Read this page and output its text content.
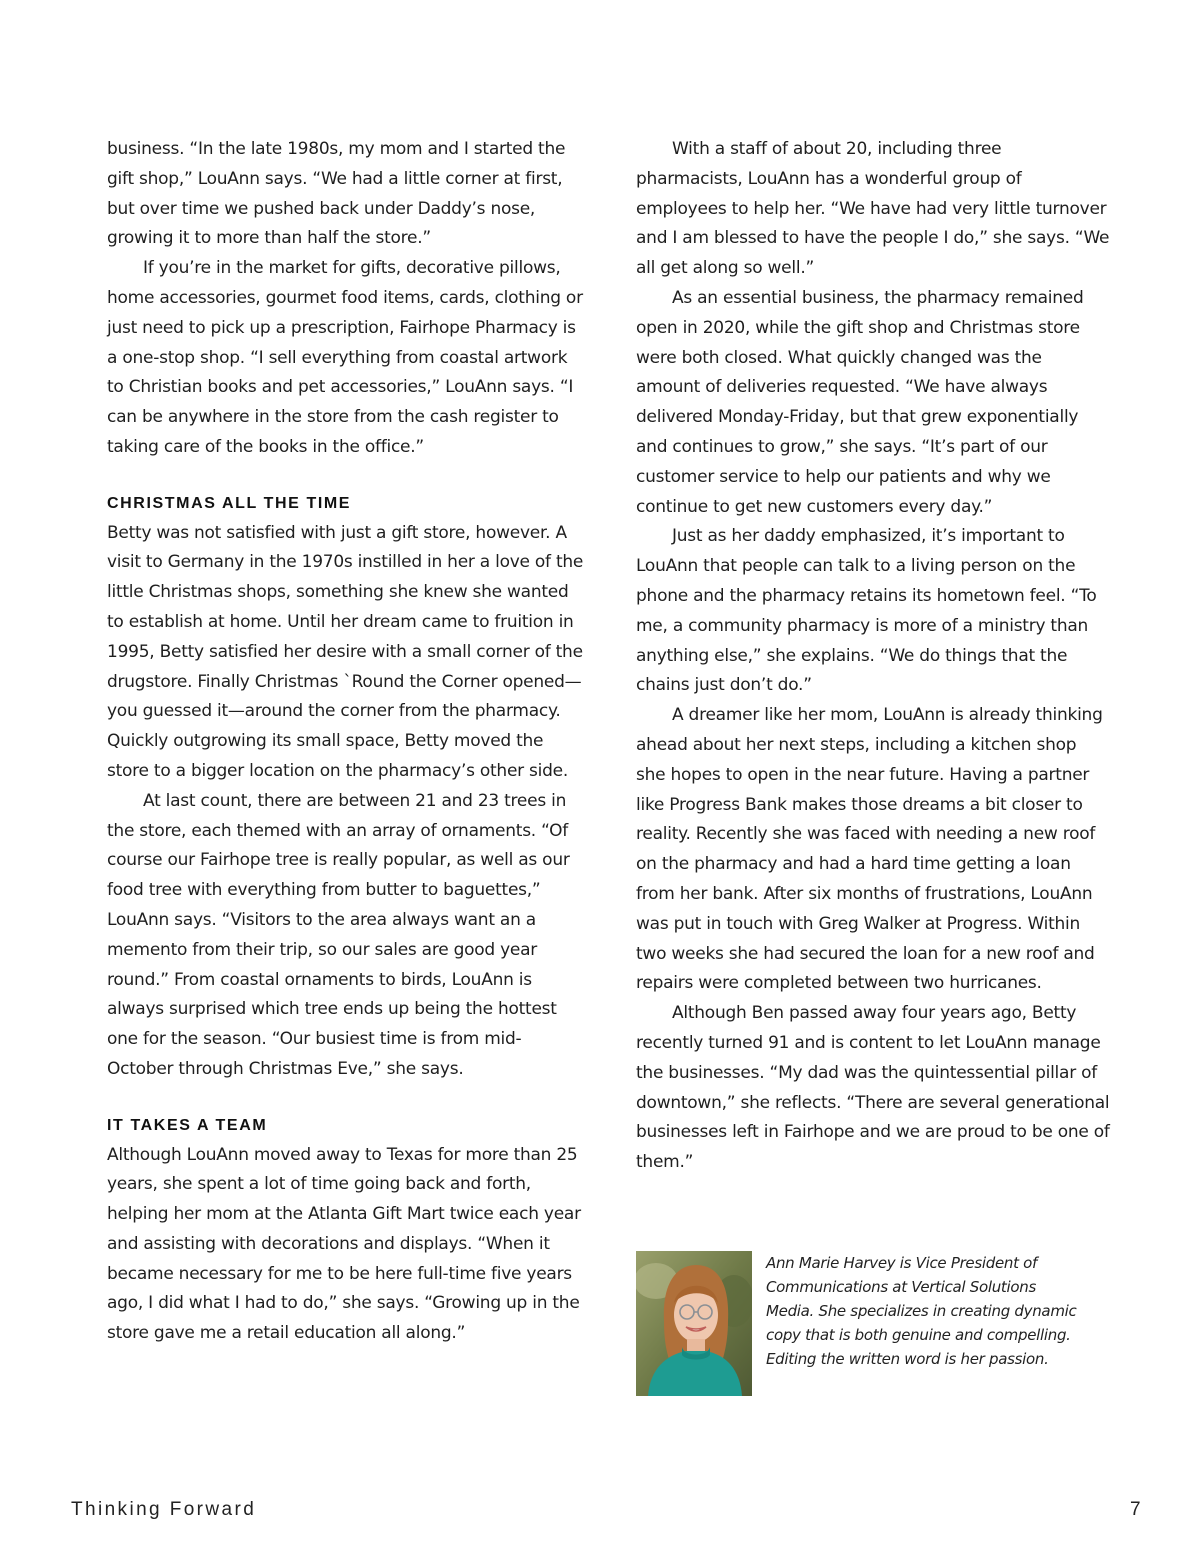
business. “In the late 1980s, my mom and I started the gift shop,” LouAnn says. “We had a little corner at first, but over time we pushed back under Daddy’s nose, growing it to more than half the store.”

If you’re in the market for gifts, decorative pillows, home accessories, gourmet food items, cards, clothing or just need to pick up a prescription, Fairhope Pharmacy is a one-stop shop. “I sell everything from coastal artwork to Christian books and pet accessories,” LouAnn says. “I can be anywhere in the store from the cash register to taking care of the books in the office.”

CHRISTMAS ALL THE TIME

Betty was not satisfied with just a gift store, however. A visit to Germany in the 1970s instilled in her a love of the little Christmas shops, something she knew she wanted to establish at home. Until her dream came to fruition in 1995, Betty satisfied her desire with a small corner of the drugstore. Finally Christmas `Round the Corner opened—you guessed it—around the corner from the pharmacy. Quickly outgrowing its small space, Betty moved the store to a bigger location on the pharmacy’s other side.

At last count, there are between 21 and 23 trees in the store, each themed with an array of ornaments. “Of course our Fairhope tree is really popular, as well as our food tree with everything from butter to baguettes,” LouAnn says. “Visitors to the area always want an a memento from their trip, so our sales are good year round.” From coastal ornaments to birds, LouAnn is always surprised which tree ends up being the hottest one for the season. “Our busiest time is from mid-October through Christmas Eve,” she says.

IT TAKES A TEAM

Although LouAnn moved away to Texas for more than 25 years, she spent a lot of time going back and forth, helping her mom at the Atlanta Gift Mart twice each year and assisting with decorations and displays. “When it became necessary for me to be here full-time five years ago, I did what I had to do,” she says. “Growing up in the store gave me a retail education all along.”

With a staff of about 20, including three pharmacists, LouAnn has a wonderful group of employees to help her. “We have had very little turnover and I am blessed to have the people I do,” she says. “We all get along so well.”

As an essential business, the pharmacy remained open in 2020, while the gift shop and Christmas store were both closed. What quickly changed was the amount of deliveries requested. “We have always delivered Monday-Friday, but that grew exponentially and continues to grow,” she says. “It’s part of our customer service to help our patients and why we continue to get new customers every day.”

Just as her daddy emphasized, it’s important to LouAnn that people can talk to a living person on the phone and the pharmacy retains its hometown feel. “To me, a community pharmacy is more of a ministry than anything else,” she explains. “We do things that the chains just don’t do.”

A dreamer like her mom, LouAnn is already thinking ahead about her next steps, including a kitchen shop she hopes to open in the near future. Having a partner like Progress Bank makes those dreams a bit closer to reality. Recently she was faced with needing a new roof on the pharmacy and had a hard time getting a loan from her bank. After six months of frustrations, LouAnn was put in touch with Greg Walker at Progress. Within two weeks she had secured the loan for a new roof and repairs were completed between two hurricanes.

Although Ben passed away four years ago, Betty recently turned 91 and is content to let LouAnn manage the businesses. “My dad was the quintessential pillar of downtown,” she reflects. “There are several generational businesses left in Fairhope and we are proud to be one of them.”

Ann Marie Harvey is Vice President of Communications at Vertical Solutions Media. She specializes in creating dynamic copy that is both genuine and compelling. Editing the written word is her passion.
Thinking Forward	7
